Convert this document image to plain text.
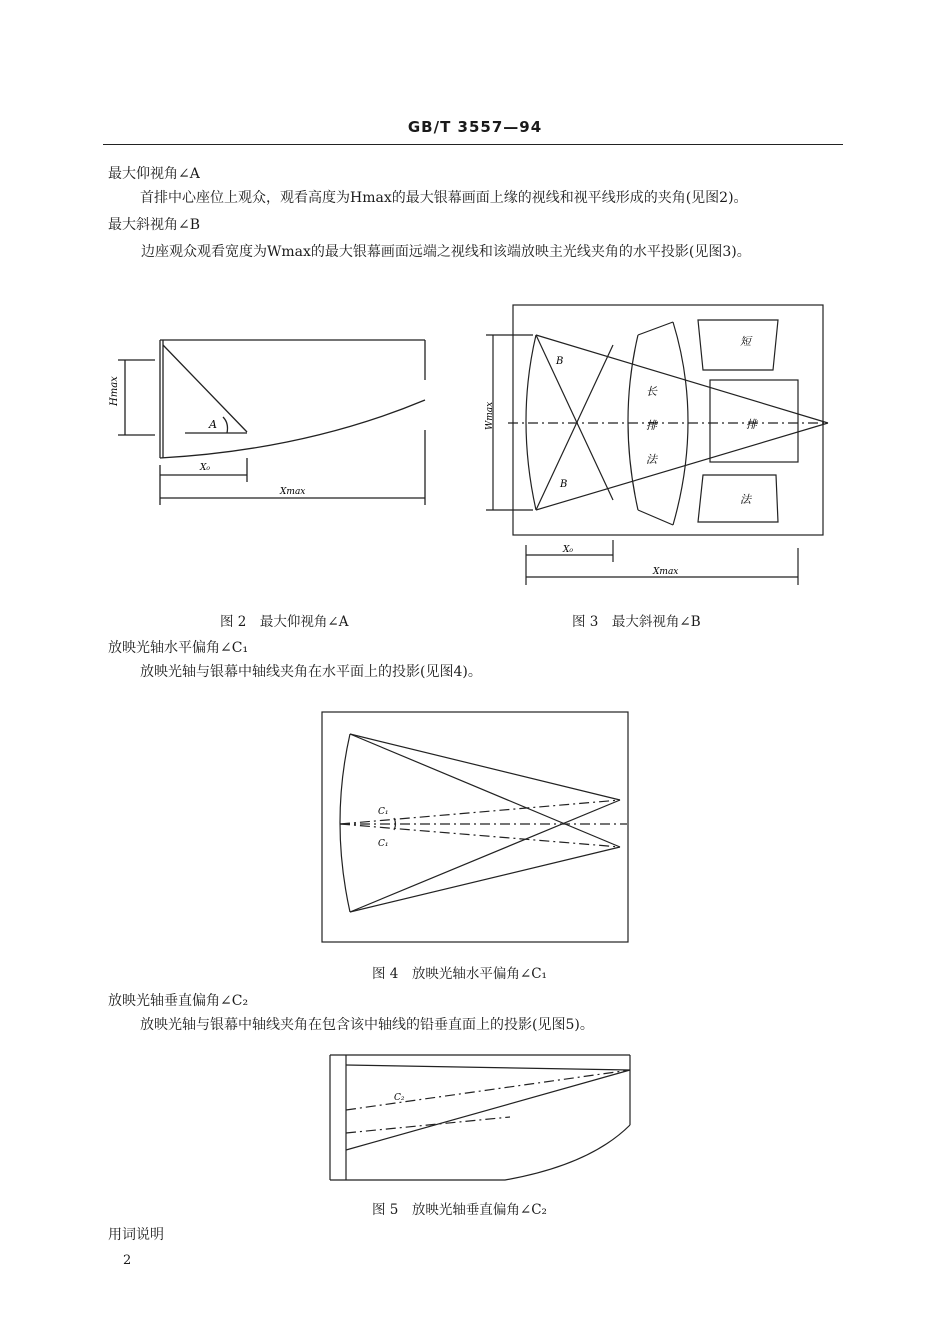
GB/T 3557—94
最大仰视角∠A
首排中心座位上观众，观看高度为Hmax的最大银幕画面上缘的视线和视平线形成的夹角(见图2)。
最大斜视角∠B
边座观众观看宽度为Wmax的最大银幕画面远端之视线和该端放映主光线夹角的水平投影(见图3)。
Hmax
A
X₀
Xmax
Wmax
B
B
长
排
法
短
排
法
X₀
Xmax
图 2　最大仰视角∠A	图 3　最大斜视角∠B
放映光轴水平偏角∠C₁
放映光轴与银幕中轴线夹角在水平面上的投影(见图4)。
C₁
C₁
图 4　放映光轴水平偏角∠C₁
放映光轴垂直偏角∠C₂
放映光轴与银幕中轴线夹角在包含该中轴线的铅垂直面上的投影(见图5)。
C₂
图 5　放映光轴垂直偏角∠C₂
用词说明
2
